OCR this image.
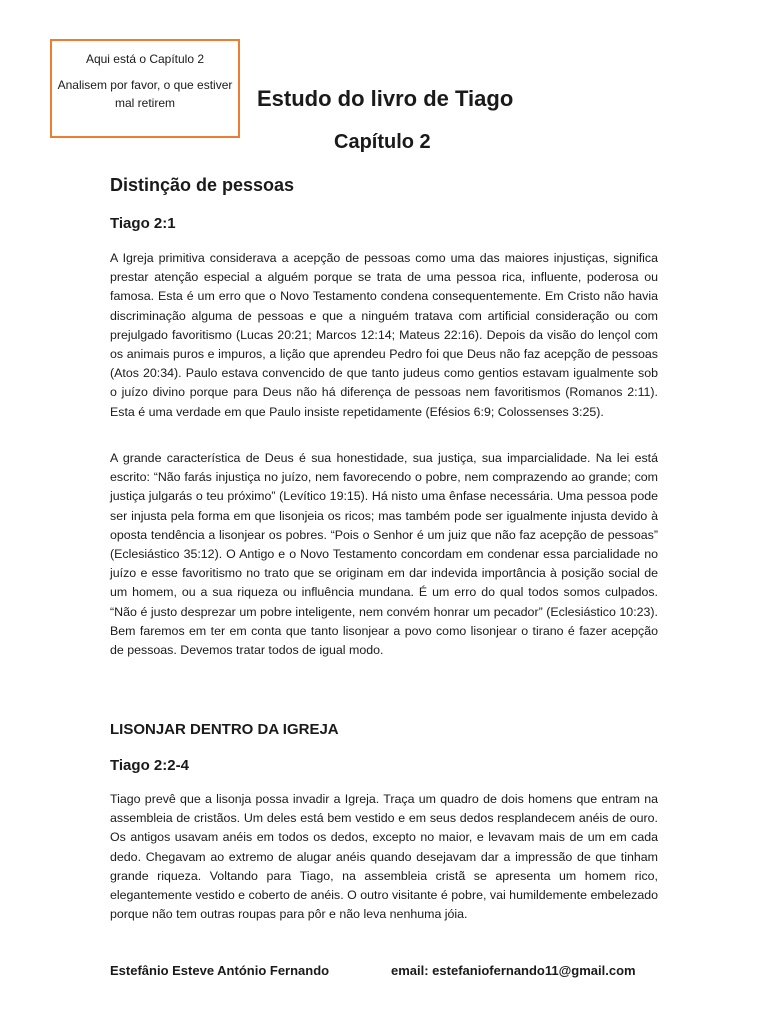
Aqui está o Capítulo 2
Analisem por favor, o que estiver mal retirem	Estudo do livro de Tiago
Capítulo 2
Distinção de pessoas
Tiago 2:1

A Igreja primitiva considerava a acepção de pessoas como uma das maiores injustiças, significa prestar atenção especial a alguém porque se trata de uma pessoa rica, influente, poderosa ou famosa. Esta é um erro que o Novo Testamento condena consequentemente. Em Cristo não havia discriminação alguma de pessoas e que a ninguém tratava com artificial consideração ou com prejulgado favoritismo (Lucas 20:21; Marcos 12:14; Mateus 22:16). Depois da visão do lençol com os animais puros e impuros, a lição que aprendeu Pedro foi que Deus não faz acepção de pessoas (Atos 20:34). Paulo estava convencido de que tanto judeus como gentios estavam igualmente sob o juízo divino porque para Deus não há diferença de pessoas nem favoritismos (Romanos 2:11). Esta é uma verdade em que Paulo insiste repetidamente (Efésios 6:9; Colossenses 3:25).

A grande característica de Deus é sua honestidade, sua justiça, sua imparcialidade. Na lei está escrito: “Não farás injustiça no juízo, nem favorecendo o pobre, nem comprazendo ao grande; com justiça julgarás o teu próximo” (Levítico 19:15). Há nisto uma ênfase necessária. Uma pessoa pode ser injusta pela forma em que lisonjeia os ricos; mas também pode ser igualmente injusta devido à oposta tendência a lisonjear os pobres. “Pois o Senhor é um juiz que não faz acepção de pessoas” (Eclesiástico 35:12). O Antigo e o Novo Testamento concordam em condenar essa parcialidade no juízo e esse favoritismo no trato que se originam em dar indevida importância à posição social de um homem, ou a sua riqueza ou influência mundana. É um erro do qual todos somos culpados. “Não é justo desprezar um pobre inteligente, nem convém honrar um pecador” (Eclesiástico 10:23). Bem faremos em ter em conta que tanto lisonjear a povo como lisonjear o tirano é fazer acepção de pessoas. Devemos tratar todos de igual modo.

LISONJAR DENTRO DA IGREJA
Tiago 2:2-4

Tiago prevê que a lisonja possa invadir a Igreja. Traça um quadro de dois homens que entram na assembleia de cristãos. Um deles está bem vestido e em seus dedos resplandecem anéis de ouro. Os antigos usavam anéis em todos os dedos, excepto no maior, e levavam mais de um em cada dedo. Chegavam ao extremo de alugar anéis quando desejavam dar a impressão de que tinham grande riqueza. Voltando para Tiago, na assembleia cristã se apresenta um homem rico, elegantemente vestido e coberto de anéis. O outro visitante é pobre, vai humildemente embelezado porque não tem outras roupas para pôr e não leva nenhuma jóia.

Estefânio Esteve António Fernando	email: estefaniofernando11@gmail.com
